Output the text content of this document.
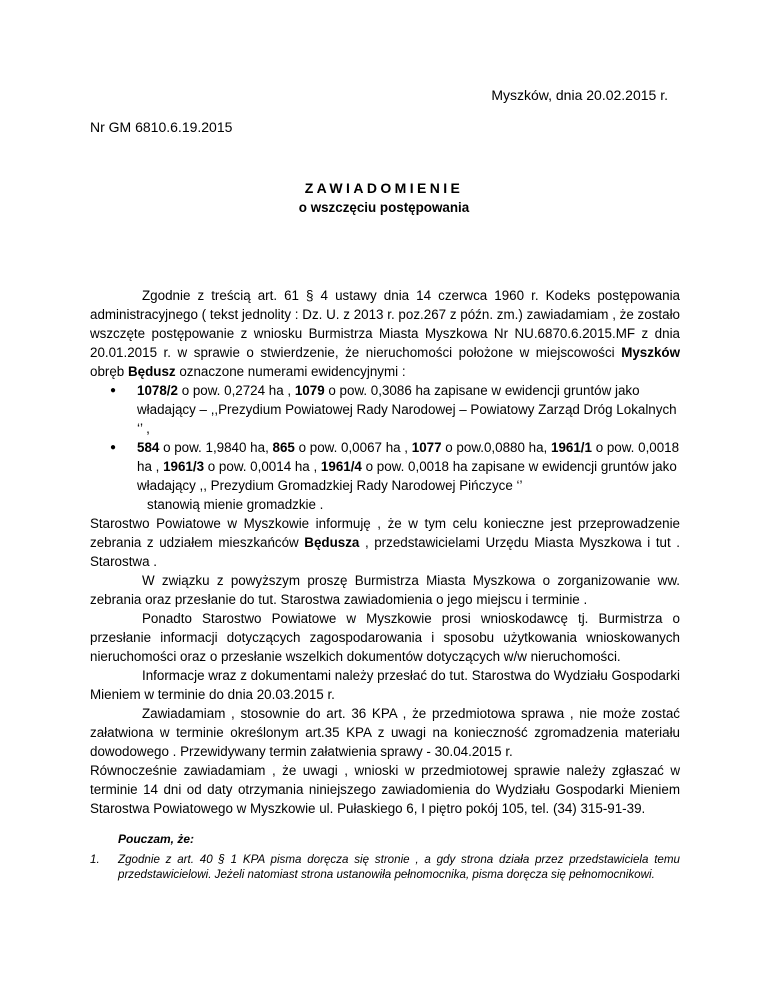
Myszków, dnia 20.02.2015 r.
Nr GM 6810.6.19.2015
ZAWIADOMIENIE
o wszczęciu postępowania
Zgodnie z treścią art. 61 § 4 ustawy dnia 14 czerwca 1960 r. Kodeks postępowania administracyjnego ( tekst jednolity : Dz. U. z 2013 r. poz.267 z późn. zm.) zawiadamiam , że zostało wszczęte postępowanie z wniosku Burmistrza Miasta Myszkowa Nr NU.6870.6.2015.MF z dnia 20.01.2015 r. w sprawie o stwierdzenie, że nieruchomości położone w miejscowości Myszków obręb Będusz oznaczone numerami ewidencyjnymi :
● 1078/2 o pow. 0,2724 ha , 1079 o pow. 0,3086 ha zapisane w ewidencji gruntów jako władający – ,,Prezydium Powiatowej Rady Narodowej – Powiatowy Zarząd Dróg Lokalnych ‘’ ,
● 584 o pow. 1,9840 ha, 865 o pow. 0,0067 ha , 1077 o pow.0,0880 ha, 1961/1 o pow. 0,0018 ha , 1961/3 o pow. 0,0014 ha , 1961/4 o pow. 0,0018 ha zapisane w ewidencji gruntów jako władający ,, Prezydium Gromadzkiej Rady Narodowej Pińczyce ‘’
stanowią mienie gromadzkie .
Starostwo Powiatowe w Myszkowie informuję , że w tym celu konieczne jest przeprowadzenie zebrania z udziałem mieszkańców Będusza , przedstawicielami Urzędu Miasta Myszkowa i tut . Starostwa .
W związku z powyższym proszę Burmistrza Miasta Myszkowa o zorganizowanie ww. zebrania oraz przesłanie do tut. Starostwa zawiadomienia o jego miejscu i terminie .
Ponadto Starostwo Powiatowe w Myszkowie prosi wnioskodawcę tj. Burmistrza o przesłanie informacji dotyczących zagospodarowania i sposobu użytkowania wnioskowanych nieruchomości oraz o przesłanie wszelkich dokumentów dotyczących w/w nieruchomości.
Informacje wraz z dokumentami należy przesłać do tut. Starostwa do Wydziału Gospodarki Mieniem w terminie do dnia 20.03.2015 r.
Zawiadamiam , stosownie do art. 36 KPA , że przedmiotowa sprawa , nie może zostać załatwiona w terminie określonym art.35 KPA z uwagi na konieczność zgromadzenia materiału dowodowego . Przewidywany termin załatwienia sprawy - 30.04.2015 r.
Równocześnie zawiadamiam , że uwagi , wnioski w przedmiotowej sprawie należy zgłaszać w terminie 14 dni od daty otrzymania niniejszego zawiadomienia do Wydziału Gospodarki Mieniem Starostwa Powiatowego w Myszkowie ul. Pułaskiego 6, I piętro pokój 105, tel. (34) 315-91-39.
Pouczam, że:
1. Zgodnie z art. 40 § 1 KPA pisma doręcza się stronie , a gdy strona działa przez przedstawiciela temu przedstawicielowi. Jeżeli natomiast strona ustanowiła pełnomocnika, pisma doręcza się pełnomocnikowi.
